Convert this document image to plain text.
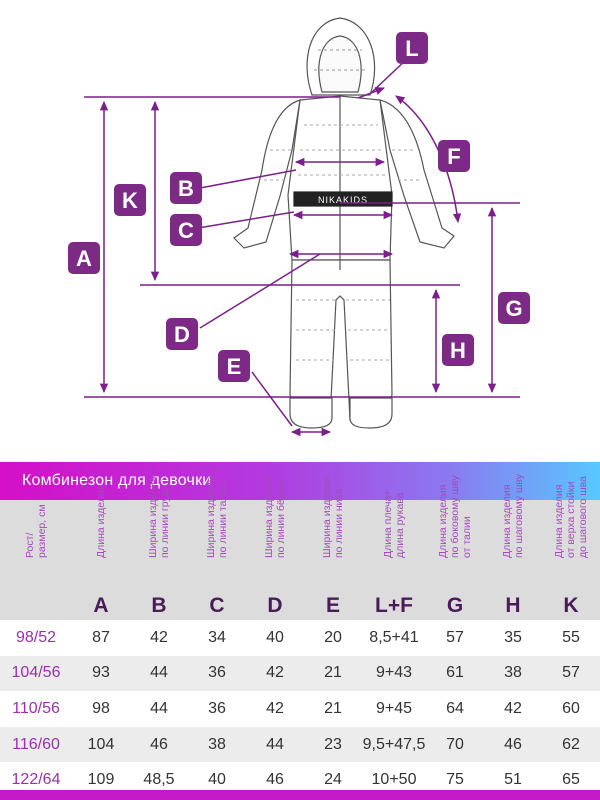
NIKAKIDS
A
B
C
D
E
F
G
H
K
L
Комбинезон для девочки
Рост/ размер, см	Длина изделия	Ширина изделия по линии груди	Ширина изделия по линии талии	Ширина изделия по линии бёдер	Ширина изделия по линии низа	Длина плеча+ длина рукава	Длина изделия по боковому шву от талии	Длина изделия по шаговому шву	Длина изделия от верха стойки до шагового шва

	A	B	C	D	E	L+F	G	H	K
98/52	87	42	34	40	20	8,5+41	57	35	55
104/56	93	44	36	42	21	9+43	61	38	57
110/56	98	44	36	42	21	9+45	64	42	60
116/60	104	46	38	44	23	9,5+47,5	70	46	62
122/64	109	48,5	40	46	24	10+50	75	51	65
